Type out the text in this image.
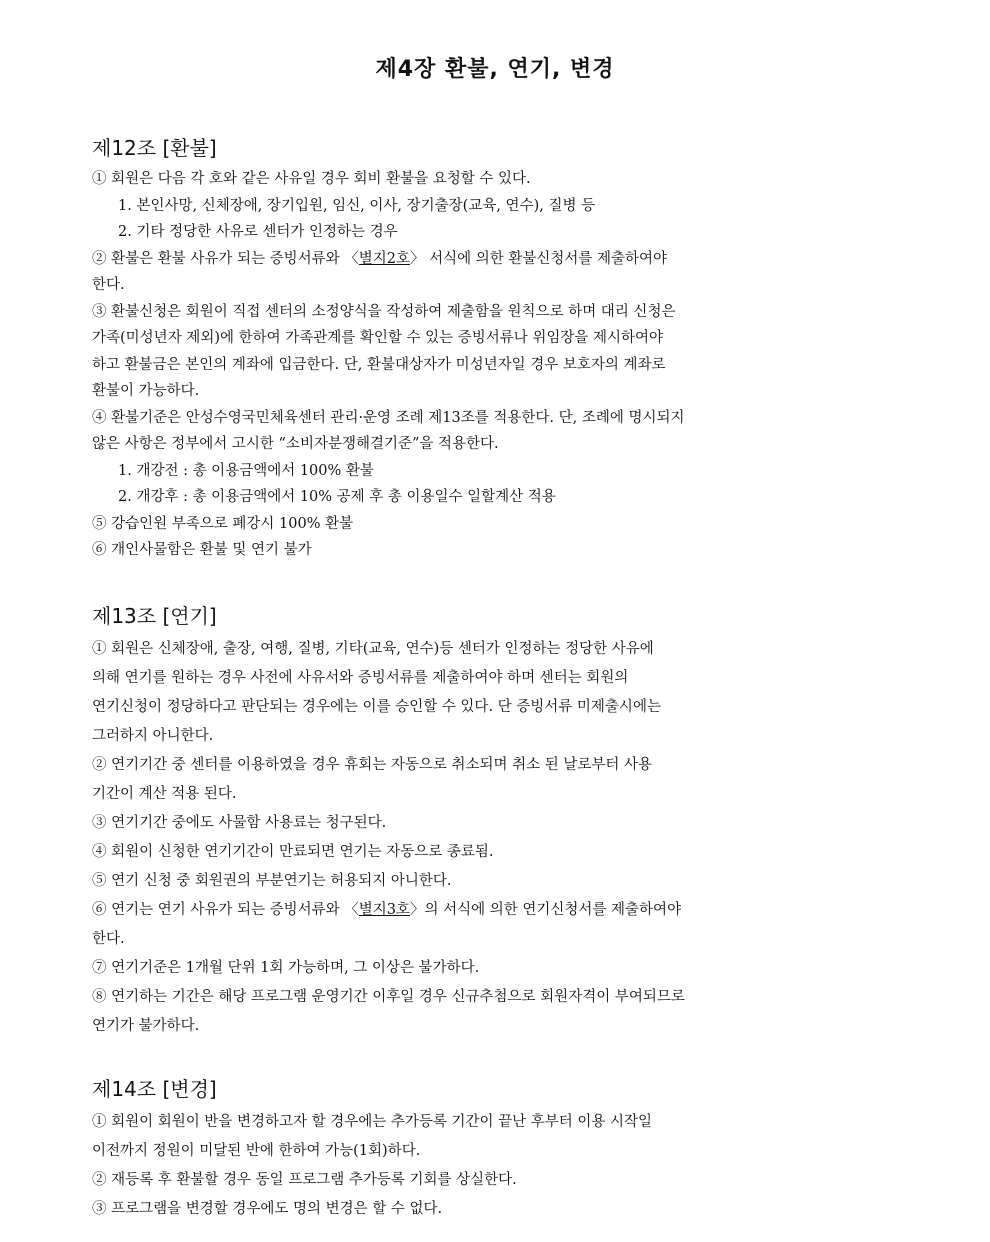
제4장 환불, 연기, 변경
제12조 [환불]
① 회원은 다음 각 호와 같은 사유일 경우 회비 환불을 요청할 수 있다.
1. 본인사망, 신체장애, 장기입원, 임신, 이사, 장기출장(교육, 연수), 질병 등
2. 기타 정당한 사유로 센터가 인정하는 경우
② 환불은 환불 사유가 되는 증빙서류와 〈별지2호〉 서식에 의한 환불신청서를 제출하여야
한다.
③ 환불신청은 회원이 직접 센터의 소정양식을 작성하여 제출함을 원칙으로 하며 대리 신청은
가족(미성년자 제외)에 한하여 가족관계를 확인할 수 있는 증빙서류나 위임장을 제시하여야
하고 환불금은 본인의 계좌에 입금한다. 단, 환불대상자가 미성년자일 경우 보호자의 계좌로
환불이 가능하다.
④ 환불기준은 안성수영국민체육센터 관리·운영 조례 제13조를 적용한다. 단, 조례에 명시되지
않은 사항은 정부에서 고시한 “소비자분쟁해결기준”을 적용한다.
1. 개강전 : 총 이용금액에서 100% 환불
2. 개강후 : 총 이용금액에서 10% 공제 후 총 이용일수 일할계산 적용
⑤ 강습인원 부족으로 폐강시 100% 환불
⑥ 개인사물함은 환불 및 연기 불가
제13조 [연기]
① 회원은 신체장애, 출장, 여행, 질병, 기타(교육, 연수)등 센터가 인정하는 정당한 사유에
의해 연기를 원하는 경우 사전에 사유서와 증빙서류를 제출하여야 하며 센터는 회원의
연기신청이 정당하다고 판단되는 경우에는 이를 승인할 수 있다. 단 증빙서류 미제출시에는
그러하지 아니한다.
② 연기기간 중 센터를 이용하였을 경우 휴회는 자동으로 취소되며 취소 된 날로부터 사용
기간이 계산 적용 된다.
③ 연기기간 중에도 사물함 사용료는 청구된다.
④ 회원이 신청한 연기기간이 만료되면 연기는 자동으로 종료됨.
⑤ 연기 신청 중 회원권의 부분연기는 허용되지 아니한다.
⑥ 연기는 연기 사유가 되는 증빙서류와 〈별지3호〉의 서식에 의한 연기신청서를 제출하여야
한다.
⑦ 연기기준은 1개월 단위 1회 가능하며, 그 이상은 불가하다.
⑧ 연기하는 기간은 해당 프로그램 운영기간 이후일 경우 신규추첨으로 회원자격이 부여되므로
연기가 불가하다.
제14조 [변경]
① 회원이 회원이 반을 변경하고자 할 경우에는 추가등록 기간이 끝난 후부터 이용 시작일
이전까지 정원이 미달된 반에 한하여 가능(1회)하다.
② 재등록 후 환불할 경우 동일 프로그램 추가등록 기회를 상실한다.
③ 프로그램을 변경할 경우에도 명의 변경은 할 수 없다.
